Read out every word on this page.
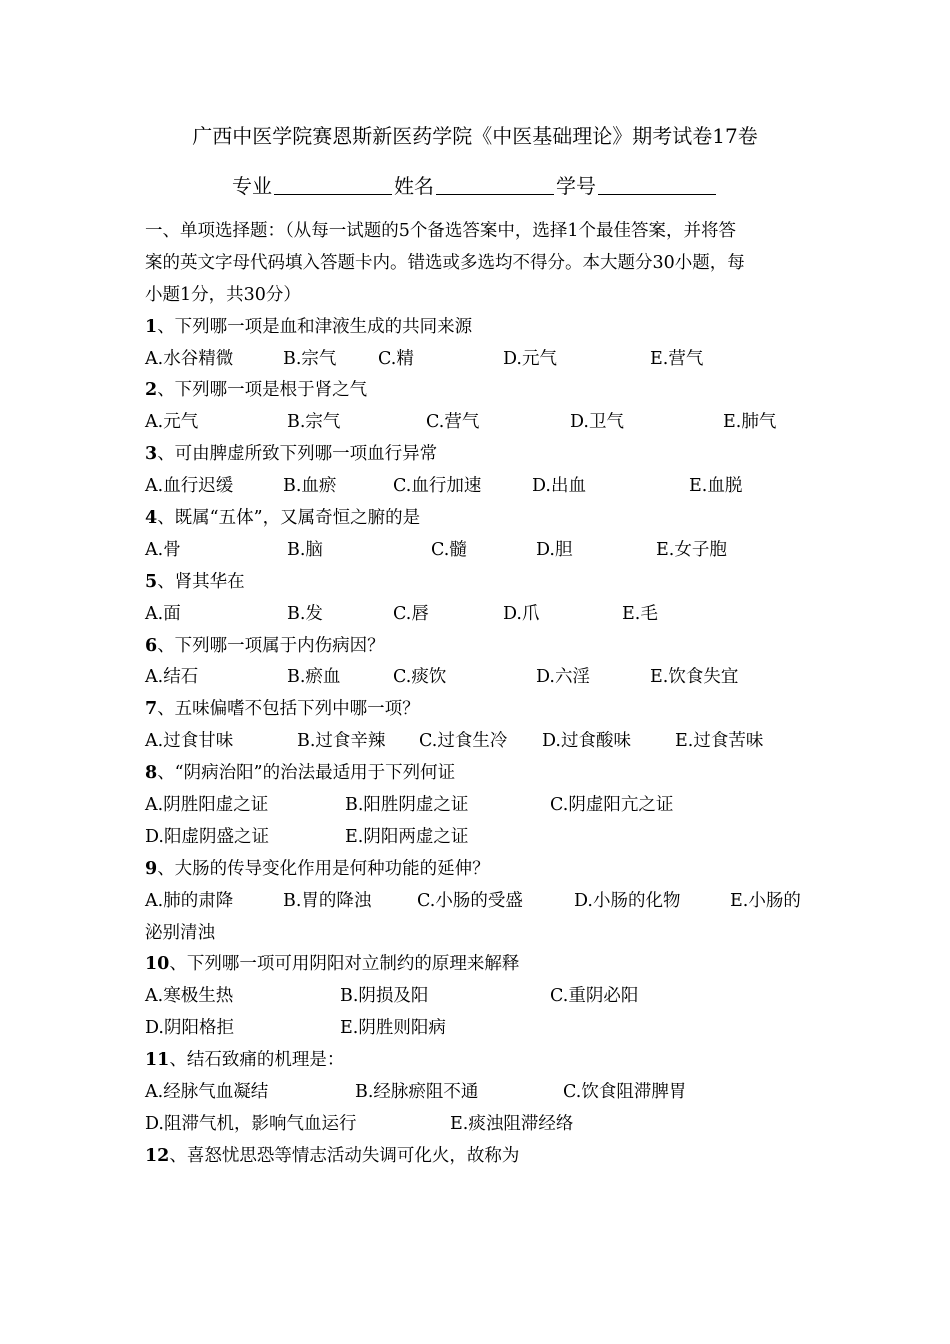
广西中医学院赛恩斯新医药学院《中医基础理论》期考试卷17卷
专业	姓名	学号
一、单项选择题：（从每一试题的5个备选答案中，选择1个最佳答案，并将答
案的英文字母代码填入答题卡内。错选或多选均不得分。本大题分30小题，每
小题1分，共30分）
1、下列哪一项是血和津液生成的共同来源
A.水谷精微	B.宗气 C.精	D.元气	E.营气
2、下列哪一项是根于肾之气
A.元气	B.宗气	C.营气	D.卫气	E.肺气
3、可由脾虚所致下列哪一项血行异常
A.血行迟缓	B.血瘀	C.血行加速	D.出血	E.血脱
4、既属“五体”，又属奇恒之腑的是
A.骨	B.脑	C.髓	D.胆	E.女子胞
5、肾其华在
A.面	B.发	C.唇	D.爪	E.毛
6、下列哪一项属于内伤病因？
A.结石	B.瘀血	C.痰饮	D.六淫	E.饮食失宜
7、五味偏嗜不包括下列中哪一项？
A.过食甘味	B.过食辛辣 C.过食生冷 D.过食酸味	E.过食苦味
8、“阴病治阳”的治法最适用于下列何证
A.阴胜阳虚之证	B.阳胜阴虚之证	C.阴虚阳亢之证
D.阳虚阴盛之证	E.阴阳两虚之证
9、大肠的传导变化作用是何种功能的延伸？
A.肺的肃降	B.胃的降浊	C.小肠的受盛	D.小肠的化物	E.小肠的
泌别清浊
10、下列哪一项可用阴阳对立制约的原理来解释
A.寒极生热	B.阴损及阳	C.重阴必阳
D.阴阳格拒	E.阴胜则阳病
11、结石致痛的机理是：
A.经脉气血凝结	B.经脉瘀阻不通	C.饮食阻滞脾胃
D.阻滞气机，影响气血运行	E.痰浊阻滞经络
12、喜怒忧思恐等情志活动失调可化火，故称为
